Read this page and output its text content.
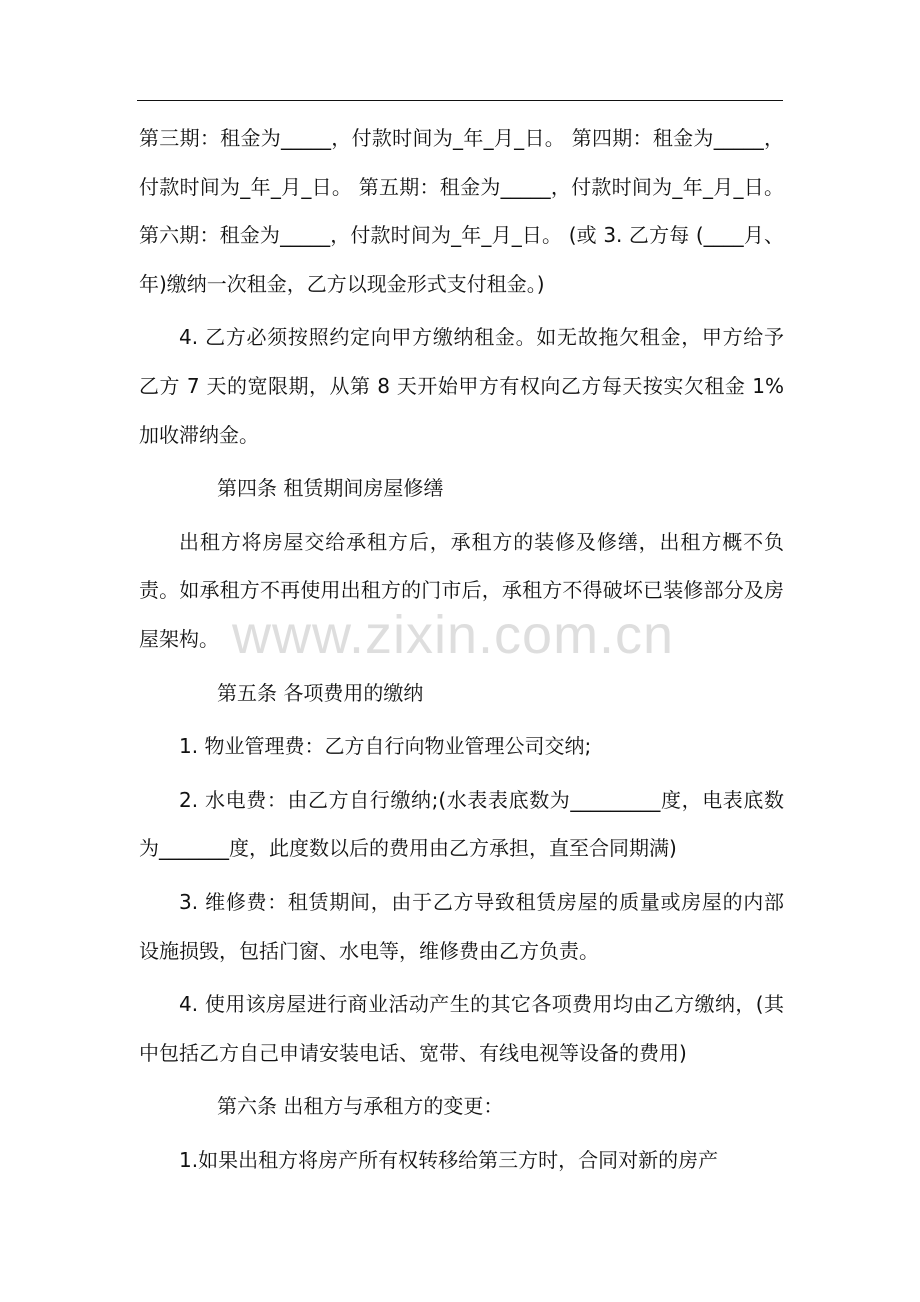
第三期：租金为_____，付款时间为_年_月_日。 第四期：租金为_____，付款时间为_年_月_日。 第五期：租金为_____，付款时间为_年_月_日。 第六期：租金为_____，付款时间为_年_月_日。 (或 3. 乙方每 (____月、年)缴纳一次租金，乙方以现金形式支付租金。)

4. 乙方必须按照约定向甲方缴纳租金。如无故拖欠租金，甲方给予乙方 7 天的宽限期，从第 8 天开始甲方有权向乙方每天按实欠租金 1%加收滞纳金。

第四条 租赁期间房屋修缮

出租方将房屋交给承租方后，承租方的装修及修缮，出租方概不负责。如承租方不再使用出租方的门市后，承租方不得破坏已装修部分及房屋架构。

第五条 各项费用的缴纳

1. 物业管理费：乙方自行向物业管理公司交纳;

2. 水电费：由乙方自行缴纳;(水表表底数为_________度，电表底数为_______度，此度数以后的费用由乙方承担，直至合同期满)

3. 维修费：租赁期间，由于乙方导致租赁房屋的质量或房屋的内部设施损毁，包括门窗、水电等，维修费由乙方负责。

4. 使用该房屋进行商业活动产生的其它各项费用均由乙方缴纳，(其中包括乙方自己申请安装电话、宽带、有线电视等设备的费用)

第六条 出租方与承租方的变更：

1.如果出租方将房产所有权转移给第三方时，合同对新的房产

www.zixin.com.cn
